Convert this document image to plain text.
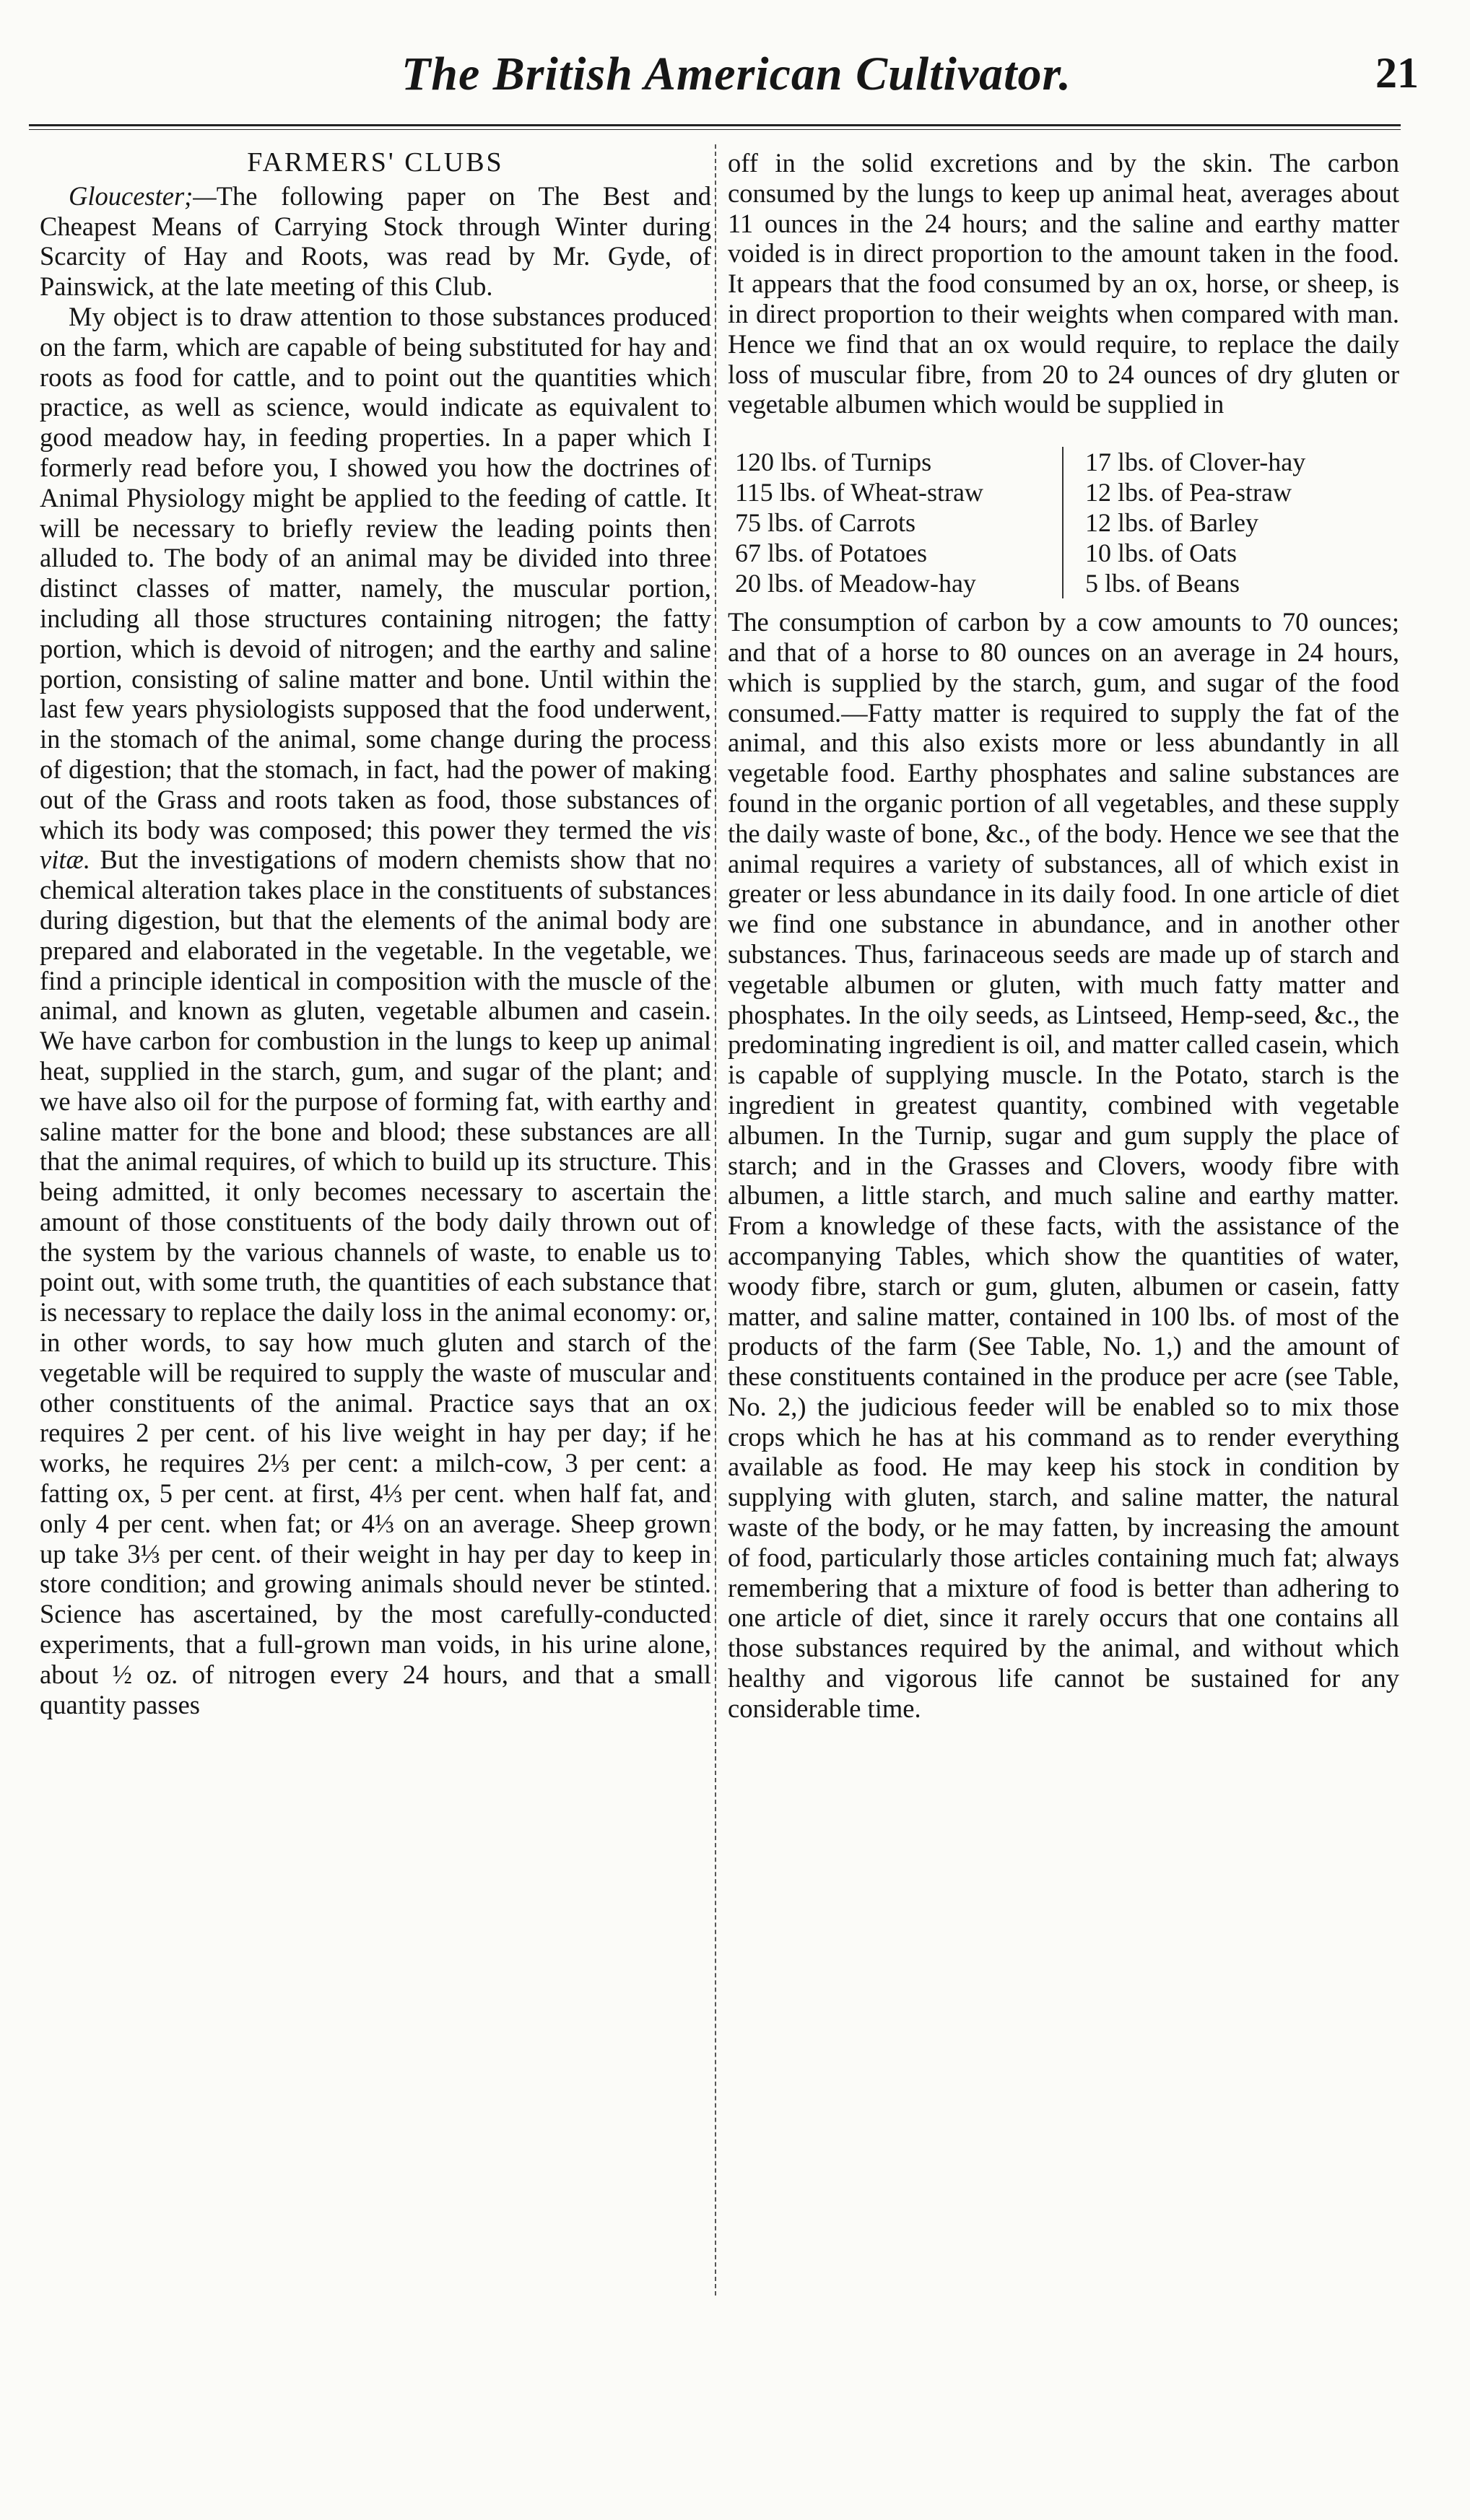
The British American Cultivator.	21
FARMERS' CLUBS

Gloucester;—The following paper on The Best and Cheapest Means of Carrying Stock through Winter during Scarcity of Hay and Roots, was read by Mr. Gyde, of Painswick, at the late meeting of this Club.

My object is to draw attention to those substances produced on the farm, which are capable of being substituted for hay and roots as food for cattle, and to point out the quantities which practice, as well as science, would indicate as equivalent to good meadow hay, in feeding properties. In a paper which I formerly read before you, I showed you how the doctrines of Animal Physiology might be applied to the feeding of cattle. It will be necessary to briefly review the leading points then alluded to. The body of an animal may be divided into three distinct classes of matter, namely, the muscular portion, including all those structures containing nitrogen; the fatty portion, which is devoid of nitrogen; and the earthy and saline portion, consisting of saline matter and bone. Until within the last few years physiologists supposed that the food underwent, in the stomach of the animal, some change during the process of digestion; that the stomach, in fact, had the power of making out of the Grass and roots taken as food, those substances of which its body was composed; this power they termed the vis vitæ. But the investigations of modern chemists show that no chemical alteration takes place in the constituents of substances during digestion, but that the elements of the animal body are prepared and elaborated in the vegetable. In the vegetable, we find a principle identical in composition with the muscle of the animal, and known as gluten, vegetable albumen and casein. We have carbon for combustion in the lungs to keep up animal heat, supplied in the starch, gum, and sugar of the plant; and we have also oil for the purpose of forming fat, with earthy and saline matter for the bone and blood; these substances are all that the animal requires, of which to build up its structure. This being admitted, it only becomes necessary to ascertain the amount of those constituents of the body daily thrown out of the system by the various channels of waste, to enable us to point out, with some truth, the quantities of each substance that is necessary to replace the daily loss in the animal economy: or, in other words, to say how much gluten and starch of the vegetable will be required to supply the waste of muscular and other constituents of the animal. Practice says that an ox requires 2 per cent. of his live weight in hay per day; if he works, he requires 2⅓ per cent: a milch-cow, 3 per cent: a fatting ox, 5 per cent. at first, 4⅓ per cent. when half fat, and only 4 per cent. when fat; or 4⅓ on an average. Sheep grown up take 3⅓ per cent. of their weight in hay per day to keep in store condition; and growing animals should never be stinted. Science has ascertained, by the most carefully-conducted experiments, that a full-grown man voids, in his urine alone, about ½ oz. of nitrogen every 24 hours, and that a small quantity passes

off in the solid excretions and by the skin. The carbon consumed by the lungs to keep up animal heat, averages about 11 ounces in the 24 hours; and the saline and earthy matter voided is in direct proportion to the amount taken in the food. It appears that the food consumed by an ox, horse, or sheep, is in direct proportion to their weights when compared with man. Hence we find that an ox would require, to replace the daily loss of muscular fibre, from 20 to 24 ounces of dry gluten or vegetable albumen which would be supplied in

120 lbs. of Turnips
115 lbs. of Wheat-straw
75 lbs. of Carrots
67 lbs. of Potatoes
20 lbs. of Meadow-hay
17 lbs. of Clover-hay
12 lbs. of Pea-straw
12 lbs. of Barley
10 lbs. of Oats
5 lbs. of Beans

The consumption of carbon by a cow amounts to 70 ounces; and that of a horse to 80 ounces on an average in 24 hours, which is supplied by the starch, gum, and sugar of the food consumed.—Fatty matter is required to supply the fat of the animal, and this also exists more or less abundantly in all vegetable food. Earthy phosphates and saline substances are found in the organic portion of all vegetables, and these supply the daily waste of bone, &c., of the body. Hence we see that the animal requires a variety of substances, all of which exist in greater or less abundance in its daily food. In one article of diet we find one substance in abundance, and in another other substances. Thus, farinaceous seeds are made up of starch and vegetable albumen or gluten, with much fatty matter and phosphates. In the oily seeds, as Lintseed, Hemp-seed, &c., the predominating ingredient is oil, and matter called casein, which is capable of supplying muscle. In the Potato, starch is the ingredient in greatest quantity, combined with vegetable albumen. In the Turnip, sugar and gum supply the place of starch; and in the Grasses and Clovers, woody fibre with albumen, a little starch, and much saline and earthy matter. From a knowledge of these facts, with the assistance of the accompanying Tables, which show the quantities of water, woody fibre, starch or gum, gluten, albumen or casein, fatty matter, and saline matter, contained in 100 lbs. of most of the products of the farm (See Table, No. 1,) and the amount of these constituents contained in the produce per acre (see Table, No. 2,) the judicious feeder will be enabled so to mix those crops which he has at his command as to render everything available as food. He may keep his stock in condition by supplying with gluten, starch, and saline matter, the natural waste of the body, or he may fatten, by increasing the amount of food, particularly those articles containing much fat; always remembering that a mixture of food is better than adhering to one article of diet, since it rarely occurs that one contains all those substances required by the animal, and without which healthy and vigorous life cannot be sustained for any considerable time.
